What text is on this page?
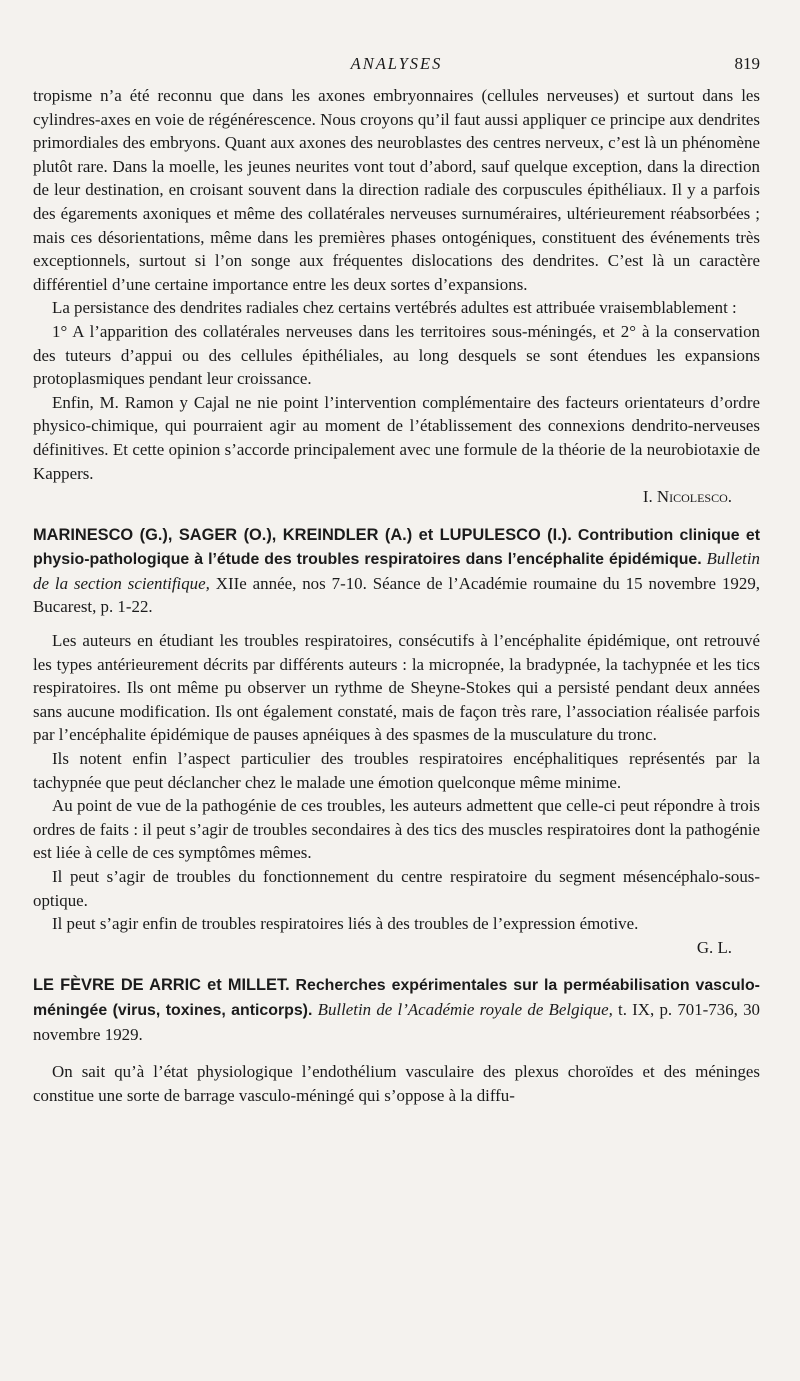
ANALYSES	819

tropisme n’a été reconnu que dans les axones embryonnaires (cellules nerveuses) et surtout dans les cylindres-axes en voie de régénérescence. Nous croyons qu’il faut aussi appliquer ce principe aux dendrites primordiales des embryons. Quant aux axones des neuroblastes des centres nerveux, c’est là un phénomène plutôt rare. Dans la moelle, les jeunes neurites vont tout d’abord, sauf quelque exception, dans la direction de leur destination, en croisant souvent dans la direction radiale des corpuscules épithéliaux. Il y a parfois des égarements axoniques et même des collatérales nerveuses surnuméraires, ultérieurement réabsorbées ; mais ces désorientations, même dans les premières phases ontogéniques, constituent des événements très exceptionnels, surtout si l’on songe aux fréquentes dislocations des dendrites. C’est là un caractère différentiel d’une certaine importance entre les deux sortes d’expansions.

La persistance des dendrites radiales chez certains vertébrés adultes est attribuée vraisemblablement :

1° A l’apparition des collatérales nerveuses dans les territoires sous-méningés, et 2° à la conservation des tuteurs d’appui ou des cellules épithéliales, au long desquels se sont étendues les expansions protoplasmiques pendant leur croissance.

Enfin, M. Ramon y Cajal ne nie point l’intervention complémentaire des facteurs orientateurs d’ordre physico-chimique, qui pourraient agir au moment de l’établissement des connexions dendrito-nerveuses définitives. Et cette opinion s’accorde principalement avec une formule de la théorie de la neurobiotaxie de Kappers.

I. Nicolesco.

MARINESCO (G.), SAGER (O.), KREINDLER (A.) et LUPULESCO (I.). Contribution clinique et physio-pathologique à l’étude des troubles respiratoires dans l’encéphalite épidémique. Bulletin de la section scientifique, XIIe année, nos 7-10. Séance de l’Académie roumaine du 15 novembre 1929, Bucarest, p. 1-22.

Les auteurs en étudiant les troubles respiratoires, consécutifs à l’encéphalite épidémique, ont retrouvé les types antérieurement décrits par différents auteurs : la micropnée, la bradypnée, la tachypnée et les tics respiratoires. Ils ont même pu observer un rythme de Sheyne-Stokes qui a persisté pendant deux années sans aucune modification. Ils ont également constaté, mais de façon très rare, l’association réalisée parfois par l’encéphalite épidémique de pauses apnéiques à des spasmes de la musculature du tronc.

Ils notent enfin l’aspect particulier des troubles respiratoires encéphalitiques représentés par la tachypnée que peut déclancher chez le malade une émotion quelconque même minime.

Au point de vue de la pathogénie de ces troubles, les auteurs admettent que celle-ci peut répondre à trois ordres de faits : il peut s’agir de troubles secondaires à des tics des muscles respiratoires dont la pathogénie est liée à celle de ces symptômes mêmes.

Il peut s’agir de troubles du fonctionnement du centre respiratoire du segment mésencéphalo-sous-optique.

Il peut s’agir enfin de troubles respiratoires liés à des troubles de l’expression émotive.

G. L.

LE FÈVRE DE ARRIC et MILLET. Recherches expérimentales sur la perméabilisation vasculo-méningée (virus, toxines, anticorps). Bulletin de l’Académie royale de Belgique, t. IX, p. 701-736, 30 novembre 1929.

On sait qu’à l’état physiologique l’endothélium vasculaire des plexus choroïdes et des méninges constitue une sorte de barrage vasculo-méningé qui s’oppose à la diffu-
